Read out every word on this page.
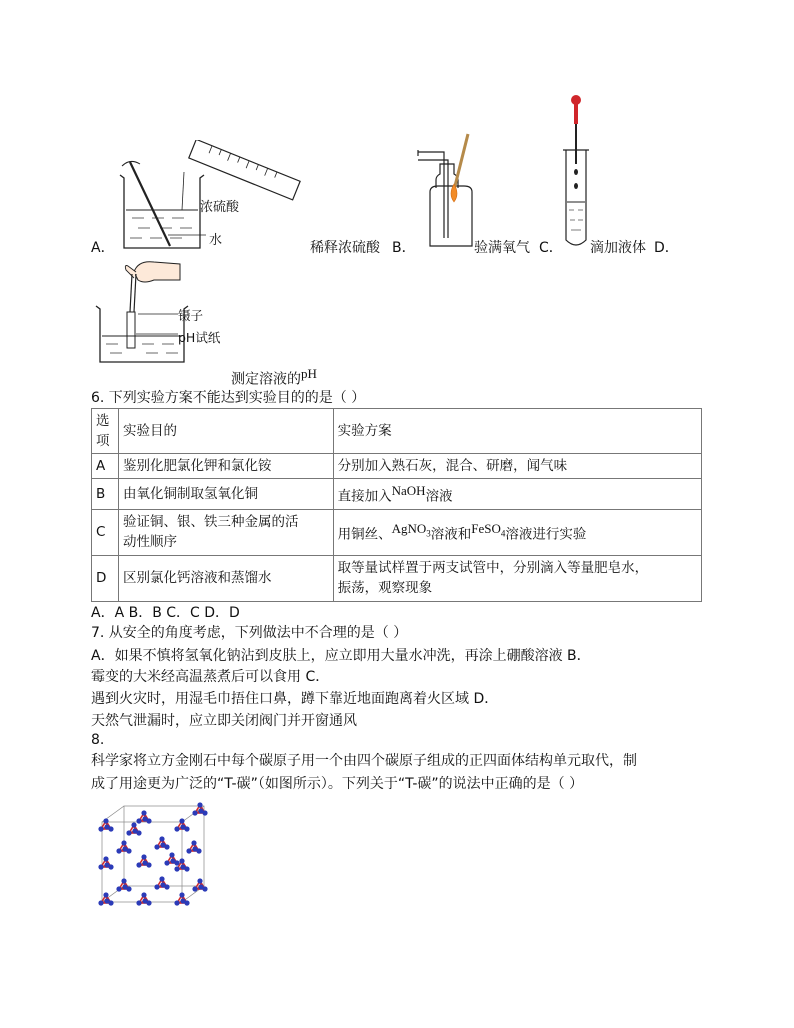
浓硫酸
水
A．	稀释浓硫酸 B．	验满氧气 C． 滴加液体 D．
镊子
pH试纸
测定溶液的$^{pH}$
6. 下列实验方案不能达到实验目的的是（ ）
选
项	实验目的	实验方案
A	鉴别化肥氯化钾和氯化铵	分别加入熟石灰，混合、研磨，闻气味
B	由氧化铜制取氢氧化铜	直接加入$^{NaOH}$溶液
C	验证铜、银、铁三种金属的活
动性顺序	用铜丝、$^{AgNO_3}$溶液和$^{FeSO_4}$溶液进行实验
D	区别氯化钙溶液和蒸馏水	取等量试样置于两支试管中，分别滴入等量肥皂水，
振荡，观察现象
A．A B．B C．C D．D
7. 从安全的角度考虑，下列做法中不合理的是（ ）
A．如果不慎将氢氧化钠沾到皮肤上，应立即用大量水冲洗，再涂上硼酸溶液 B．
霉变的大米经高温蒸煮后可以食用 C．
遇到火灾时，用湿毛巾捂住口鼻，蹲下靠近地面跑离着火区域 D．
天然气泄漏时，应立即关闭阀门并开窗通风
8.
科学家将立方金刚石中每个碳原子用一个由四个碳原子组成的正四面体结构单元取代，制
成了用途更为广泛的“T-碳”（如图所示）。下列关于“T-碳”的说法中正确的是（ ）
